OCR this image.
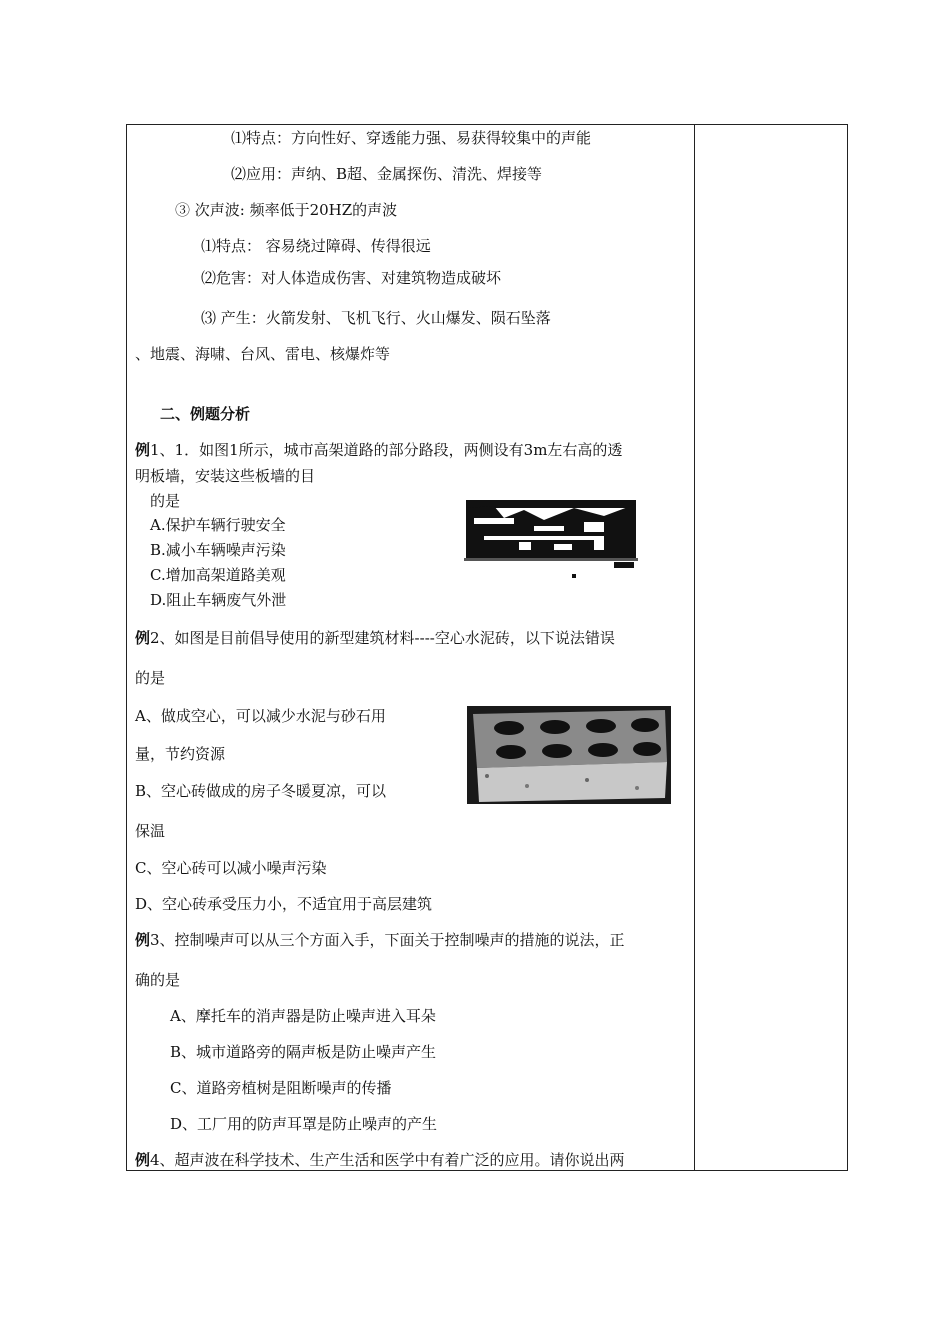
⑴特点：方向性好、穿透能力强、易获得较集中的声能
⑵应用：声纳、B超、金属探伤、清洗、焊接等
③ 次声波: 频率低于20HZ的声波
⑴特点： 容易绕过障碍、传得很远
⑵危害：对人体造成伤害、对建筑物造成破坏
⑶ 产生：火箭发射、飞机飞行、火山爆发、陨石坠落
、地震、海啸、台风、雷电、核爆炸等
二、例题分析
例1、1．如图1所示，城市高架道路的部分路段，两侧设有3m左右高的透
明板墙，安装这些板墙的目
的是
A.保护车辆行驶安全
B.减小车辆噪声污染
C.增加高架道路美观
D.阻止车辆废气外泄
例2、如图是目前倡导使用的新型建筑材料----空心水泥砖，以下说法错误
的是
A、做成空心，可以减少水泥与砂石用
量，节约资源
B、空心砖做成的房子冬暖夏凉，可以
保温
C、空心砖可以减小噪声污染
D、空心砖承受压力小，不适宜用于高层建筑
例3、控制噪声可以从三个方面入手，下面关于控制噪声的措施的说法，正
确的是
A、摩托车的消声器是防止噪声进入耳朵
B、城市道路旁的隔声板是防止噪声产生
C、道路旁植树是阻断噪声的传播
D、工厂用的防声耳罩是防止噪声的产生
例4、超声波在科学技术、生产生活和医学中有着广泛的应用。请你说出两
